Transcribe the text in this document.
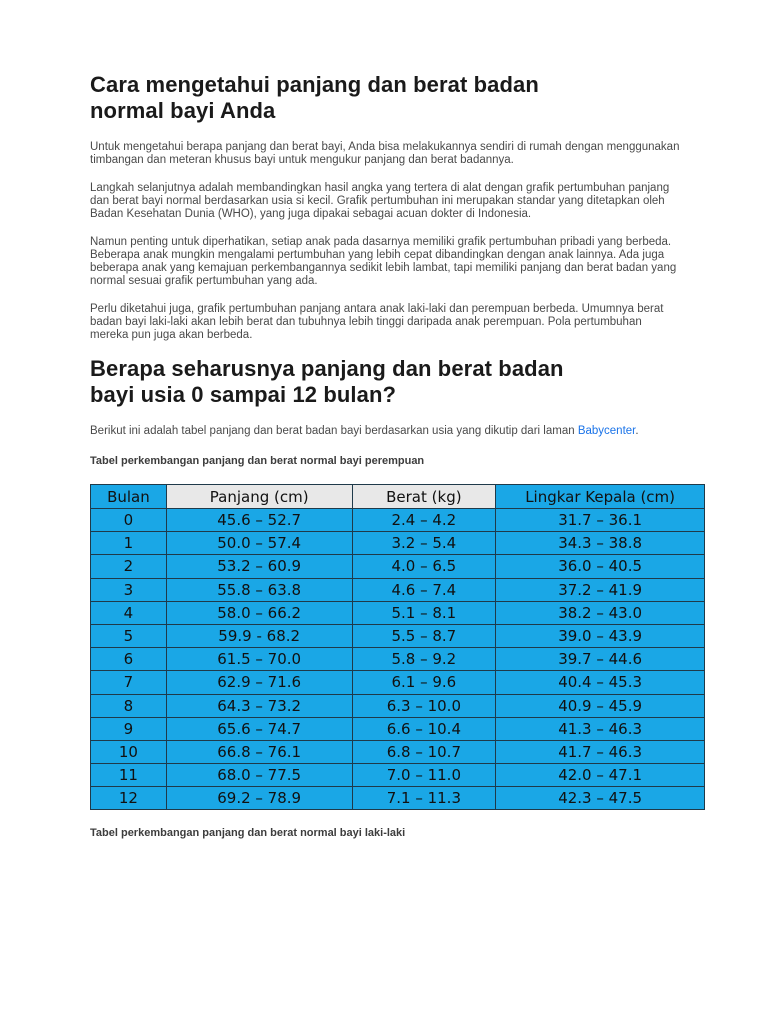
Cara mengetahui panjang dan berat badan
normal bayi Anda

Untuk mengetahui berapa panjang dan berat bayi, Anda bisa melakukannya sendiri di rumah dengan menggunakan timbangan dan meteran khusus bayi untuk mengukur panjang dan berat badannya.

Langkah selanjutnya adalah membandingkan hasil angka yang tertera di alat dengan grafik pertumbuhan panjang dan berat bayi normal berdasarkan usia si kecil. Grafik pertumbuhan ini merupakan standar yang ditetapkan oleh Badan Kesehatan Dunia (WHO), yang juga dipakai sebagai acuan dokter di Indonesia.

Namun penting untuk diperhatikan, setiap anak pada dasarnya memiliki grafik pertumbuhan pribadi yang berbeda. Beberapa anak mungkin mengalami pertumbuhan yang lebih cepat dibandingkan dengan anak lainnya. Ada juga beberapa anak yang kemajuan perkembangannya sedikit lebih lambat, tapi memiliki panjang dan berat badan yang normal sesuai grafik pertumbuhan yang ada.

Perlu diketahui juga, grafik pertumbuhan panjang antara anak laki-laki dan perempuan berbeda. Umumnya berat badan bayi laki-laki akan lebih berat dan tubuhnya lebih tinggi daripada anak perempuan. Pola pertumbuhan mereka pun juga akan berbeda.

Berapa seharusnya panjang dan berat badan
bayi usia 0 sampai 12 bulan?

Berikut ini adalah tabel panjang dan berat badan bayi berdasarkan usia yang dikutip dari laman Babycenter.

Tabel perkembangan panjang dan berat normal bayi perempuan

Bulan	Panjang (cm)	Berat (kg)	Lingkar Kepala (cm)
0	45.6 – 52.7	2.4 – 4.2	31.7 – 36.1
1	50.0 – 57.4	3.2 – 5.4	34.3 – 38.8
2	53.2 – 60.9	4.0 – 6.5	36.0 – 40.5
3	55.8 – 63.8	4.6 – 7.4	37.2 – 41.9
4	58.0 – 66.2	5.1 – 8.1	38.2 – 43.0
5	59.9 - 68.2	5.5 – 8.7	39.0 – 43.9
6	61.5 – 70.0	5.8 – 9.2	39.7 – 44.6
7	62.9 – 71.6	6.1 – 9.6	40.4 – 45.3
8	64.3 – 73.2	6.3 – 10.0	40.9 – 45.9
9	65.6 – 74.7	6.6 – 10.4	41.3 – 46.3
10	66.8 – 76.1	6.8 – 10.7	41.7 – 46.3
11	68.0 – 77.5	7.0 – 11.0	42.0 – 47.1
12	69.2 – 78.9	7.1 – 11.3	42.3 – 47.5

Tabel perkembangan panjang dan berat normal bayi laki-laki
